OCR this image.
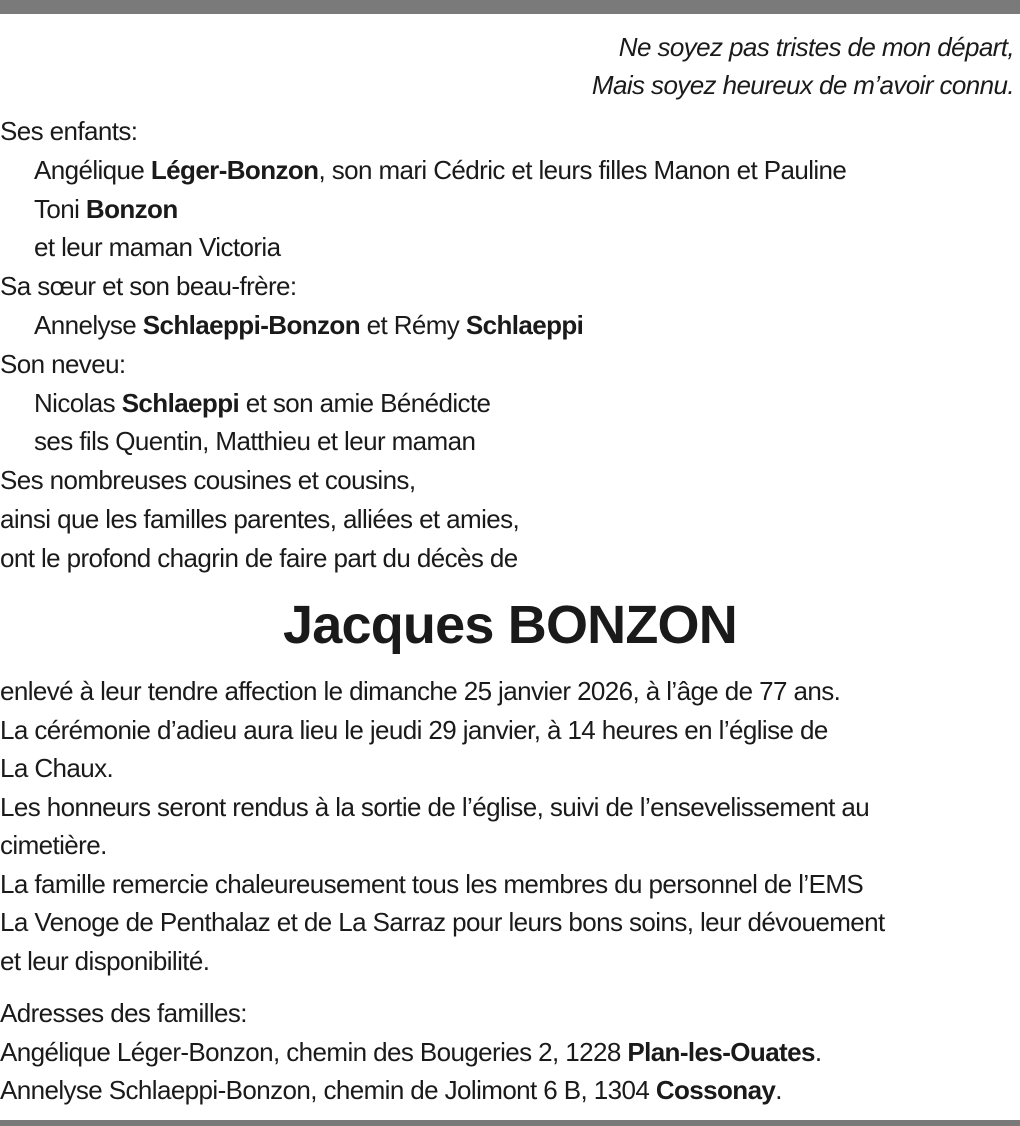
Ne soyez pas tristes de mon départ,
Mais soyez heureux de m’avoir connu.
Ses enfants:
Angélique Léger-Bonzon, son mari Cédric et leurs filles Manon et Pauline
Toni Bonzon
et leur maman Victoria
Sa sœur et son beau-frère:
Annelyse Schlaeppi-Bonzon et Rémy Schlaeppi
Son neveu:
Nicolas Schlaeppi et son amie Bénédicte
ses fils Quentin, Matthieu et leur maman
Ses nombreuses cousines et cousins,
ainsi que les familles parentes, alliées et amies,
ont le profond chagrin de faire part du décès de
Jacques BONZON
enlevé à leur tendre affection le dimanche 25 janvier 2026, à l’âge de 77 ans.
La cérémonie d’adieu aura lieu le jeudi 29 janvier, à 14 heures en l’église de
La Chaux.
Les honneurs seront rendus à la sortie de l’église, suivi de l’ensevelissement au
cimetière.
La famille remercie chaleureusement tous les membres du personnel de l’EMS
La Venoge de Penthalaz et de La Sarraz pour leurs bons soins, leur dévouement
et leur disponibilité.
Adresses des familles:
Angélique Léger-Bonzon, chemin des Bougeries 2, 1228 Plan-les-Ouates.
Annelyse Schlaeppi-Bonzon, chemin de Jolimont 6 B, 1304 Cossonay.
